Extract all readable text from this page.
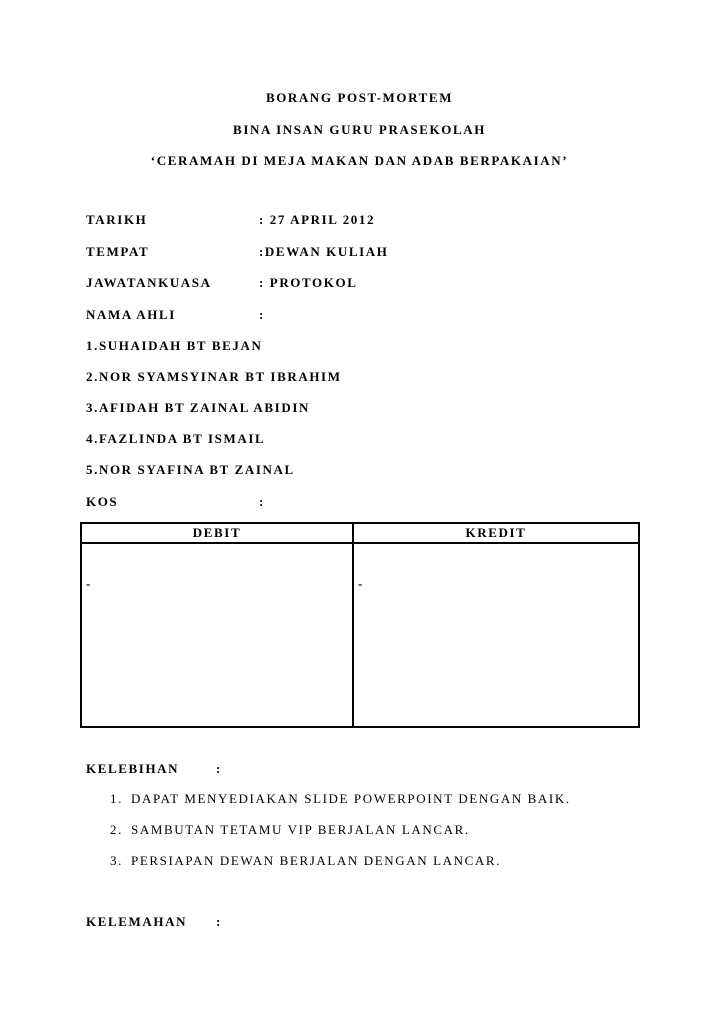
BORANG POST-MORTEM
BINA INSAN GURU PRASEKOLAH
‘CERAMAH DI MEJA MAKAN DAN ADAB BERPAKAIAN’
TARIKH	: 27 APRIL 2012
TEMPAT	:DEWAN KULIAH
JAWATANKUASA	: PROTOKOL
NAMA AHLI	:
1.SUHAIDAH BT BEJAN
2.NOR SYAMSYINAR BT IBRAHIM
3.AFIDAH BT ZAINAL ABIDIN
4.FAZLINDA BT ISMAIL
5.NOR SYAFINA BT ZAINAL
KOS	:
DEBIT	KREDIT

-	-
KELEBIHAN	:
1. DAPAT MENYEDIAKAN SLIDE POWERPOINT DENGAN BAIK.
2. SAMBUTAN TETAMU VIP BERJALAN LANCAR.
3. PERSIAPAN DEWAN BERJALAN DENGAN LANCAR.
KELEMAHAN :
